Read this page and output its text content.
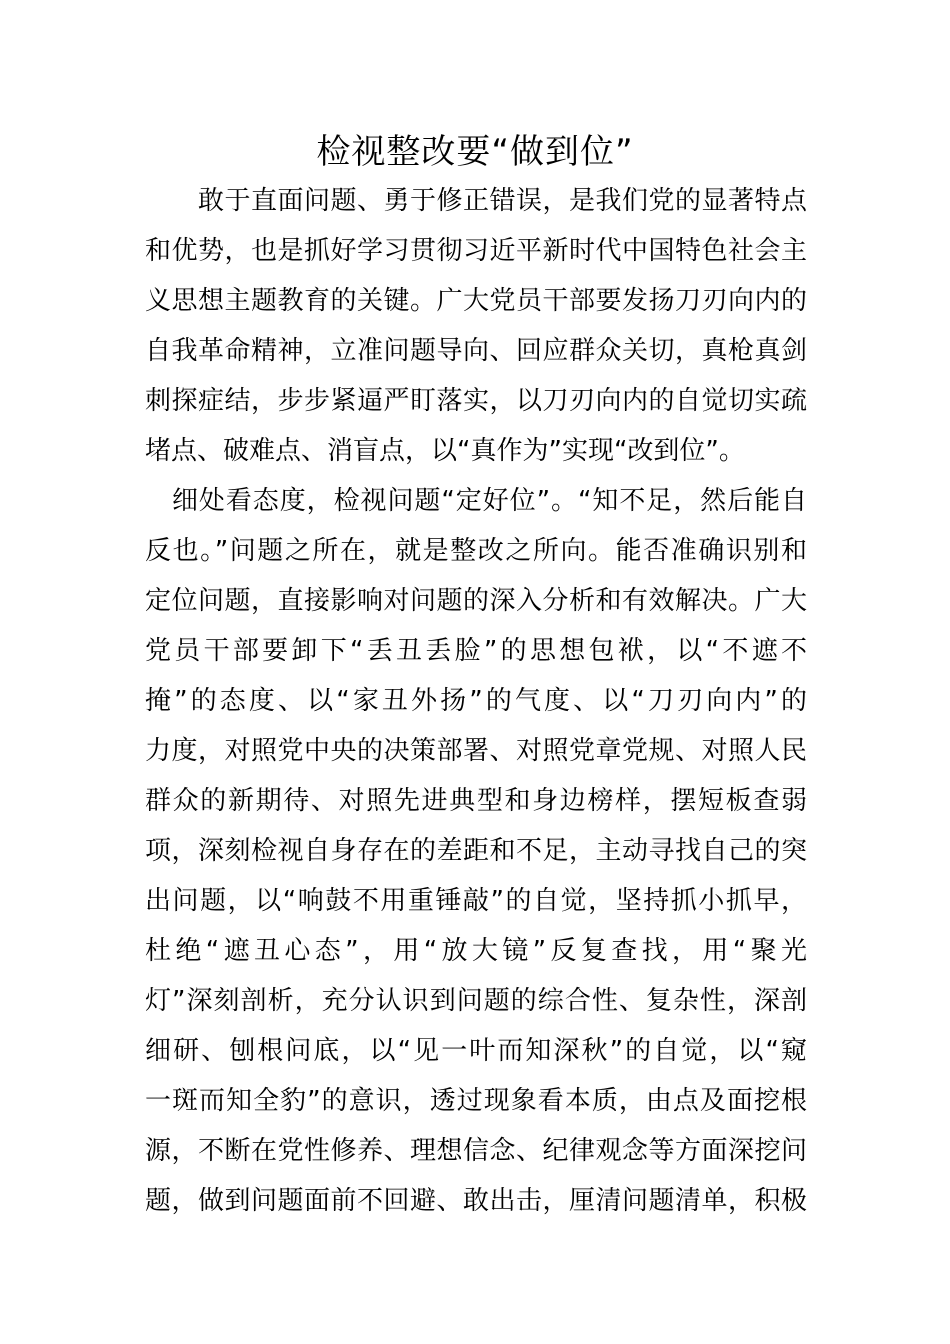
检视整改要“做到位”
　　敢于直面问题、勇于修正错误，是我们党的显著特点
和优势，也是抓好学习贯彻习近平新时代中国特色社会主
义思想主题教育的关键。广大党员干部要发扬刀刃向内的
自我革命精神，立准问题导向、回应群众关切，真枪真剑
刺探症结，步步紧逼严盯落实，以刀刃向内的自觉切实疏
堵点、破难点、消盲点，以“真作为”实现“改到位”。
　细处看态度，检视问题“定好位”。“知不足，然后能自
反也。”问题之所在，就是整改之所向。能否准确识别和
定位问题，直接影响对问题的深入分析和有效解决。广大
党员干部要卸下“丢丑丢脸”的思想包袱，以“不遮不
掩”的态度、以“家丑外扬”的气度、以“刀刃向内”的
力度，对照党中央的决策部署、对照党章党规、对照人民
群众的新期待、对照先进典型和身边榜样，摆短板查弱
项，深刻检视自身存在的差距和不足，主动寻找自己的突
出问题，以“响鼓不用重锤敲”的自觉，坚持抓小抓早，
杜绝“遮丑心态”，用“放大镜”反复查找，用“聚光
灯”深刻剖析，充分认识到问题的综合性、复杂性，深剖
细研、刨根问底，以“见一叶而知深秋”的自觉，以“窥
一斑而知全豹”的意识，透过现象看本质，由点及面挖根
源，不断在党性修养、理想信念、纪律观念等方面深挖问
题，做到问题面前不回避、敢出击，厘清问题清单，积极
